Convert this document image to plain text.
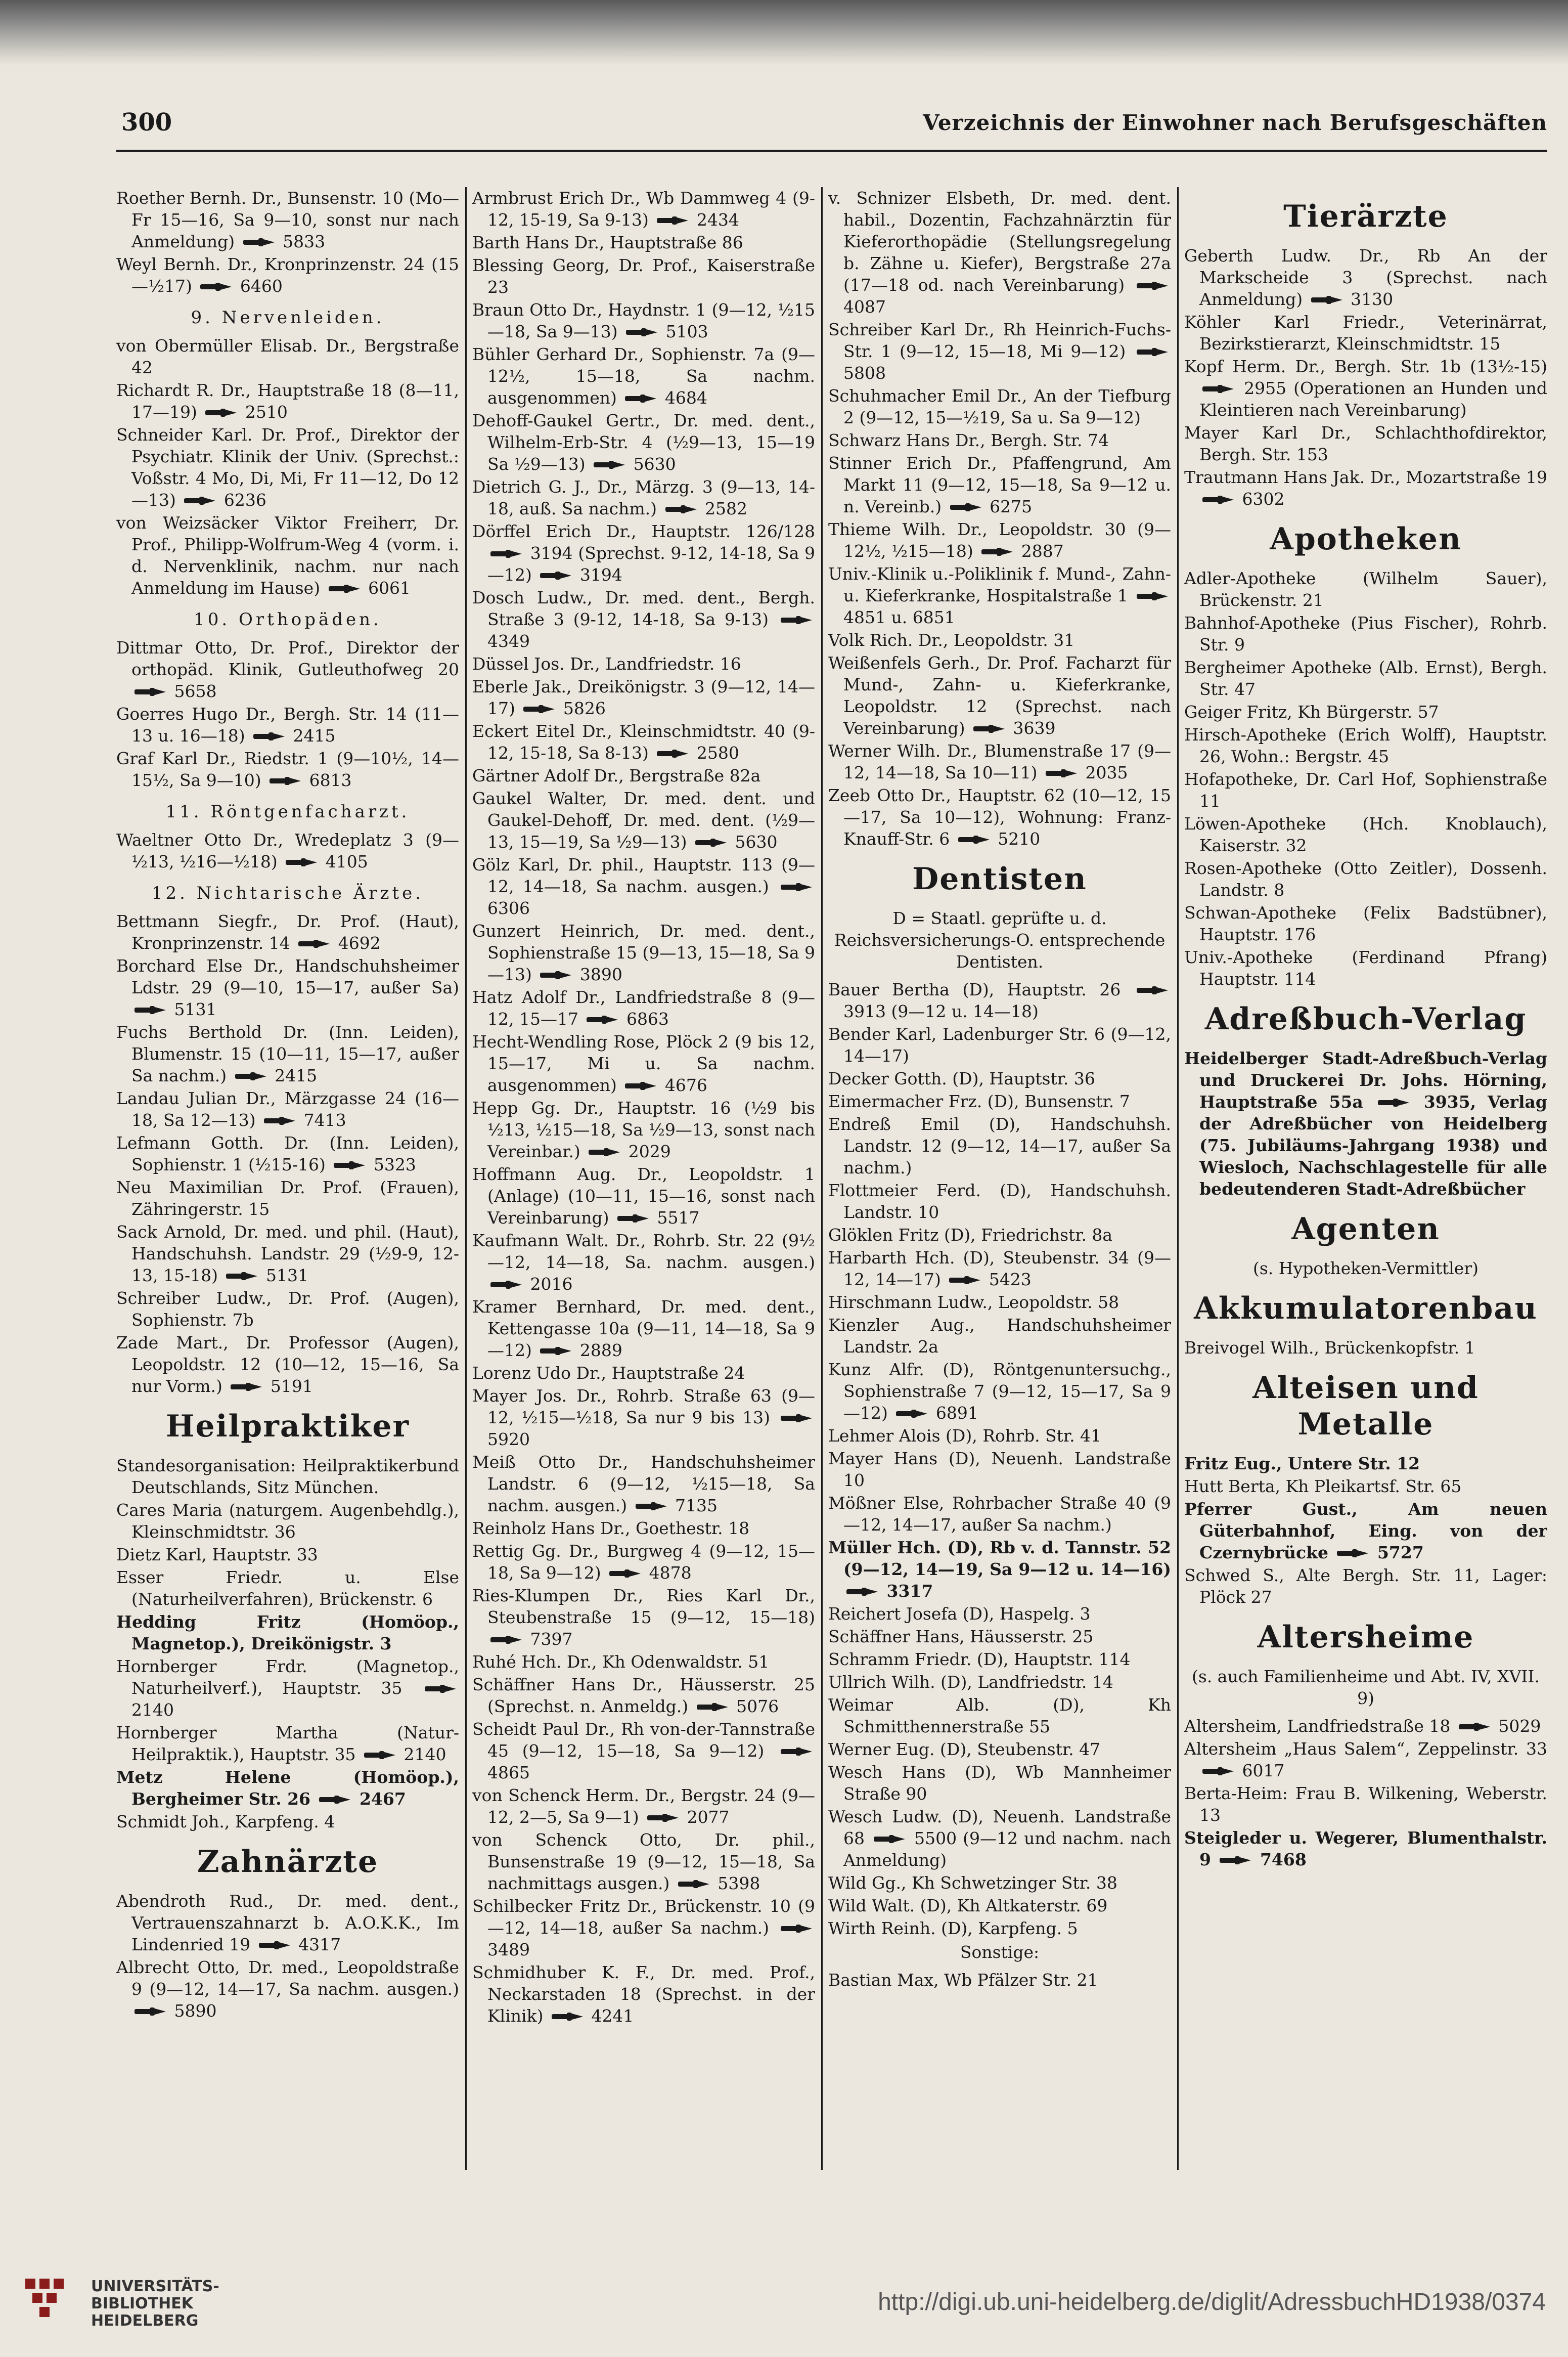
300	Verzeichnis der Einwohner nach Berufsgeschäften
Roether Bernh. Dr., Bunsenstr. 10 (Mo—Fr 15—16, Sa 9—10, sonst nur nach Anmeldung)  5833
Weyl Bernh. Dr., Kronprinzenstr. 24 (15—½17)  6460
9. Nervenleiden.
von Obermüller Elisab. Dr., Bergstraße 42
Richardt R. Dr., Hauptstraße 18 (8—11, 17—19)  2510
Schneider Karl. Dr. Prof., Direktor der Psychiatr. Klinik der Univ. (Sprechst.: Voßstr. 4 Mo, Di, Mi, Fr 11—12, Do 12—13)  6236
von Weizsäcker Viktor Freiherr, Dr. Prof., Philipp-Wolfrum-Weg 4 (vorm. i. d. Nervenklinik, nachm. nur nach Anmeldung im Hause)  6061
10. Orthopäden.
Dittmar Otto, Dr. Prof., Direktor der orthopäd. Klinik, Gutleuthofweg 20  5658
Goerres Hugo Dr., Bergh. Str. 14 (11—13 u. 16—18)  2415
Graf Karl Dr., Riedstr. 1 (9—10½, 14—15½, Sa 9—10)  6813
11. Röntgenfacharzt.
Waeltner Otto Dr., Wredeplatz 3 (9—½13, ½16—½18)  4105
12. Nichtarische Ärzte.
Bettmann Siegfr., Dr. Prof. (Haut), Kronprinzenstr. 14  4692
Borchard Else Dr., Handschuhsheimer Ldstr. 29 (9—10, 15—17, außer Sa)  5131
Fuchs Berthold Dr. (Inn. Leiden), Blumenstr. 15 (10—11, 15—17, außer Sa nachm.)  2415
Landau Julian Dr., Märzgasse 24 (16—18, Sa 12—13)  7413
Lefmann Gotth. Dr. (Inn. Leiden), Sophienstr. 1 (½15-16)  5323
Neu Maximilian Dr. Prof. (Frauen), Zähringerstr. 15
Sack Arnold, Dr. med. und phil. (Haut), Handschuhsh. Landstr. 29 (½9-9, 12-13, 15-18)  5131
Schreiber Ludw., Dr. Prof. (Augen), Sophienstr. 7b
Zade Mart., Dr. Professor (Augen), Leopoldstr. 12 (10—12, 15—16, Sa nur Vorm.)  5191
Heilpraktiker
Standesorganisation: Heilpraktikerbund Deutschlands, Sitz München.
Cares Maria (naturgem. Augenbehdlg.), Kleinschmidtstr. 36
Dietz Karl, Hauptstr. 33
Esser Friedr. u. Else (Naturheilverfahren), Brückenstr. 6
Hedding Fritz (Homöop., Magnetop.), Dreikönigstr. 3
Hornberger Frdr. (Magnetop., Naturheilverf.), Hauptstr. 35  2140
Hornberger Martha (Natur-Heilpraktik.), Hauptstr. 35  2140
Metz Helene (Homöop.), Bergheimer Str. 26  2467
Schmidt Joh., Karpfeng. 4
Zahnärzte
Abendroth Rud., Dr. med. dent., Vertrauenszahnarzt b. A.O.K.K., Im Lindenried 19  4317
Albrecht Otto, Dr. med., Leopoldstraße 9 (9—12, 14—17, Sa nachm. ausgen.)  5890
Armbrust Erich Dr., Wb Dammweg 4 (9-12, 15-19, Sa 9-13)  2434
Barth Hans Dr., Hauptstraße 86
Blessing Georg, Dr. Prof., Kaiserstraße 23
Braun Otto Dr., Haydnstr. 1 (9—12, ½15—18, Sa 9—13)  5103
Bühler Gerhard Dr., Sophienstr. 7a (9—12½, 15—18, Sa nachm. ausgenommen)  4684
Dehoff-Gaukel Gertr., Dr. med. dent., Wilhelm-Erb-Str. 4 (½9—13, 15—19 Sa ½9—13)  5630
Dietrich G. J., Dr., Märzg. 3 (9—13, 14-18, auß. Sa nachm.)  2582
Dörffel Erich Dr., Hauptstr. 126/128  3194 (Sprechst. 9-12, 14-18, Sa 9—12)  3194
Dosch Ludw., Dr. med. dent., Bergh. Straße 3 (9-12, 14-18, Sa 9-13)  4349
Düssel Jos. Dr., Landfriedstr. 16
Eberle Jak., Dreikönigstr. 3 (9—12, 14—17)  5826
Eckert Eitel Dr., Kleinschmidtstr. 40 (9-12, 15-18, Sa 8-13)  2580
Gärtner Adolf Dr., Bergstraße 82a
Gaukel Walter, Dr. med. dent. und Gaukel-Dehoff, Dr. med. dent. (½9—13, 15—19, Sa ½9—13)  5630
Gölz Karl, Dr. phil., Hauptstr. 113 (9—12, 14—18, Sa nachm. ausgen.)  6306
Gunzert Heinrich, Dr. med. dent., Sophienstraße 15 (9—13, 15—18, Sa 9—13)  3890
Hatz Adolf Dr., Landfriedstraße 8 (9—12, 15—17  6863
Hecht-Wendling Rose, Plöck 2 (9 bis 12, 15—17, Mi u. Sa nachm. ausgenommen)  4676
Hepp Gg. Dr., Hauptstr. 16 (½9 bis ½13, ½15—18, Sa ½9—13, sonst nach Vereinbar.)  2029
Hoffmann Aug. Dr., Leopoldstr. 1 (Anlage) (10—11, 15—16, sonst nach Vereinbarung)  5517
Kaufmann Walt. Dr., Rohrb. Str. 22 (9½—12, 14—18, Sa. nachm. ausgen.)  2016
Kramer Bernhard, Dr. med. dent., Kettengasse 10a (9—11, 14—18, Sa 9—12)  2889
Lorenz Udo Dr., Hauptstraße 24
Mayer Jos. Dr., Rohrb. Straße 63 (9—12, ½15—½18, Sa nur 9 bis 13)  5920
Meiß Otto Dr., Handschuhsheimer Landstr. 6 (9—12, ½15—18, Sa nachm. ausgen.)  7135
Reinholz Hans Dr., Goethestr. 18
Rettig Gg. Dr., Burgweg 4 (9—12, 15—18, Sa 9—12)  4878
Ries-Klumpen Dr., Ries Karl Dr., Steubenstraße 15 (9—12, 15—18)  7397
Ruhé Hch. Dr., Kh Odenwaldstr. 51
Schäffner Hans Dr., Häusserstr. 25 (Sprechst. n. Anmeldg.)  5076
Scheidt Paul Dr., Rh von-der-Tannstraße 45 (9—12, 15—18, Sa 9—12)  4865
von Schenck Herm. Dr., Bergstr. 24 (9—12, 2—5, Sa 9—1)  2077
von Schenck Otto, Dr. phil., Bunsenstraße 19 (9—12, 15—18, Sa nachmittags ausgen.)  5398
Schilbecker Fritz Dr., Brückenstr. 10 (9—12, 14—18, außer Sa nachm.)  3489
Schmidhuber K. F., Dr. med. Prof., Neckarstaden 18 (Sprechst. in der Klinik)  4241
v. Schnizer Elsbeth, Dr. med. dent. habil., Dozentin, Fachzahnärztin für Kieferorthopädie (Stellungsregelung b. Zähne u. Kiefer), Bergstraße 27a (17—18 od. nach Vereinbarung)  4087
Schreiber Karl Dr., Rh Heinrich-Fuchs-Str. 1 (9—12, 15—18, Mi 9—12)  5808
Schuhmacher Emil Dr., An der Tiefburg 2 (9—12, 15—½19, Sa u. Sa 9—12)
Schwarz Hans Dr., Bergh. Str. 74
Stinner Erich Dr., Pfaffengrund, Am Markt 11 (9—12, 15—18, Sa 9—12 u. n. Vereinb.)  6275
Thieme Wilh. Dr., Leopoldstr. 30 (9—12½, ½15—18)  2887
Univ.-Klinik u.-Poliklinik f. Mund-, Zahn- u. Kieferkranke, Hospitalstraße 1  4851 u. 6851
Volk Rich. Dr., Leopoldstr. 31
Weißenfels Gerh., Dr. Prof. Facharzt für Mund-, Zahn- u. Kieferkranke, Leopoldstr. 12 (Sprechst. nach Vereinbarung)  3639
Werner Wilh. Dr., Blumenstraße 17 (9—12, 14—18, Sa 10—11)  2035
Zeeb Otto Dr., Hauptstr. 62 (10—12, 15—17, Sa 10—12), Wohnung: Franz-Knauff-Str. 6  5210
Dentisten
D = Staatl. geprüfte u. d. Reichsversicherungs-O. entsprechende Dentisten.
Bauer Bertha (D), Hauptstr. 26  3913 (9—12 u. 14—18)
Bender Karl, Ladenburger Str. 6 (9—12, 14—17)
Decker Gotth. (D), Hauptstr. 36
Eimermacher Frz. (D), Bunsenstr. 7
Endreß Emil (D), Handschuhsh. Landstr. 12 (9—12, 14—17, außer Sa nachm.)
Flottmeier Ferd. (D), Handschuhsh. Landstr. 10
Glöklen Fritz (D), Friedrichstr. 8a
Harbarth Hch. (D), Steubenstr. 34 (9—12, 14—17)  5423
Hirschmann Ludw., Leopoldstr. 58
Kienzler Aug., Handschuhsheimer Landstr. 2a
Kunz Alfr. (D), Röntgenuntersuchg., Sophienstraße 7 (9—12, 15—17, Sa 9—12)  6891
Lehmer Alois (D), Rohrb. Str. 41
Mayer Hans (D), Neuenh. Landstraße 10
Mößner Else, Rohrbacher Straße 40 (9—12, 14—17, außer Sa nachm.)
Müller Hch. (D), Rb v. d. Tannstr. 52 (9—12, 14—19, Sa 9—12 u. 14—16)  3317
Reichert Josefa (D), Haspelg. 3
Schäffner Hans, Häusserstr. 25
Schramm Friedr. (D), Hauptstr. 114
Ullrich Wilh. (D), Landfriedstr. 14
Weimar Alb. (D), Kh Schmitthennerstraße 55
Werner Eug. (D), Steubenstr. 47
Wesch Hans (D), Wb Mannheimer Straße 90
Wesch Ludw. (D), Neuenh. Landstraße 68  5500 (9—12 und nachm. nach Anmeldung)
Wild Gg., Kh Schwetzinger Str. 38
Wild Walt. (D), Kh Altkaterstr. 69
Wirth Reinh. (D), Karpfeng. 5
Sonstige:
Bastian Max, Wb Pfälzer Str. 21
Tierärzte
Geberth Ludw. Dr., Rb An der Markscheide 3 (Sprechst. nach Anmeldung)  3130
Köhler Karl Friedr., Veterinärrat, Bezirkstierarzt, Kleinschmidtstr. 15
Kopf Herm. Dr., Bergh. Str. 1b (13½-15)  2955 (Operationen an Hunden und Kleintieren nach Vereinbarung)
Mayer Karl Dr., Schlachthofdirektor, Bergh. Str. 153
Trautmann Hans Jak. Dr., Mozartstraße 19  6302
Apotheken
Adler-Apotheke (Wilhelm Sauer), Brückenstr. 21
Bahnhof-Apotheke (Pius Fischer), Rohrb. Str. 9
Bergheimer Apotheke (Alb. Ernst), Bergh. Str. 47
Geiger Fritz, Kh Bürgerstr. 57
Hirsch-Apotheke (Erich Wolff), Hauptstr. 26, Wohn.: Bergstr. 45
Hofapotheke, Dr. Carl Hof, Sophienstraße 11
Löwen-Apotheke (Hch. Knoblauch), Kaiserstr. 32
Rosen-Apotheke (Otto Zeitler), Dossenh. Landstr. 8
Schwan-Apotheke (Felix Badstübner), Hauptstr. 176
Univ.-Apotheke (Ferdinand Pfrang) Hauptstr. 114
Adreßbuch-Verlag
Heidelberger Stadt-Adreßbuch-Verlag und Druckerei Dr. Johs. Hörning, Hauptstraße 55a  3935, Verlag der Adreßbücher von Heidelberg (75. Jubiläums-Jahrgang 1938) und Wiesloch, Nachschlagestelle für alle bedeutenderen Stadt-Adreßbücher
Agenten
(s. Hypotheken-Vermittler)
Akkumulatorenbau
Breivogel Wilh., Brückenkopfstr. 1
Alteisen und Metalle
Fritz Eug., Untere Str. 12
Hutt Berta, Kh Pleikartsf. Str. 65
Pferrer Gust., Am neuen Güterbahnhof, Eing. von der Czernybrücke  5727
Schwed S., Alte Bergh. Str. 11, Lager: Plöck 27
Altersheime
(s. auch Familienheime und Abt. IV, XVII. 9)
Altersheim, Landfriedstraße 18  5029
Altersheim „Haus Salem“, Zeppelinstr. 33  6017
Berta-Heim: Frau B. Wilkening, Weberstr. 13
Steigleder u. Wegerer, Blumenthalstr. 9  7468
UNIVERSITÄTS-
BIBLIOTHEK
HEIDELBERG
http://digi.ub.uni-heidelberg.de/diglit/AdressbuchHD1938/0374
